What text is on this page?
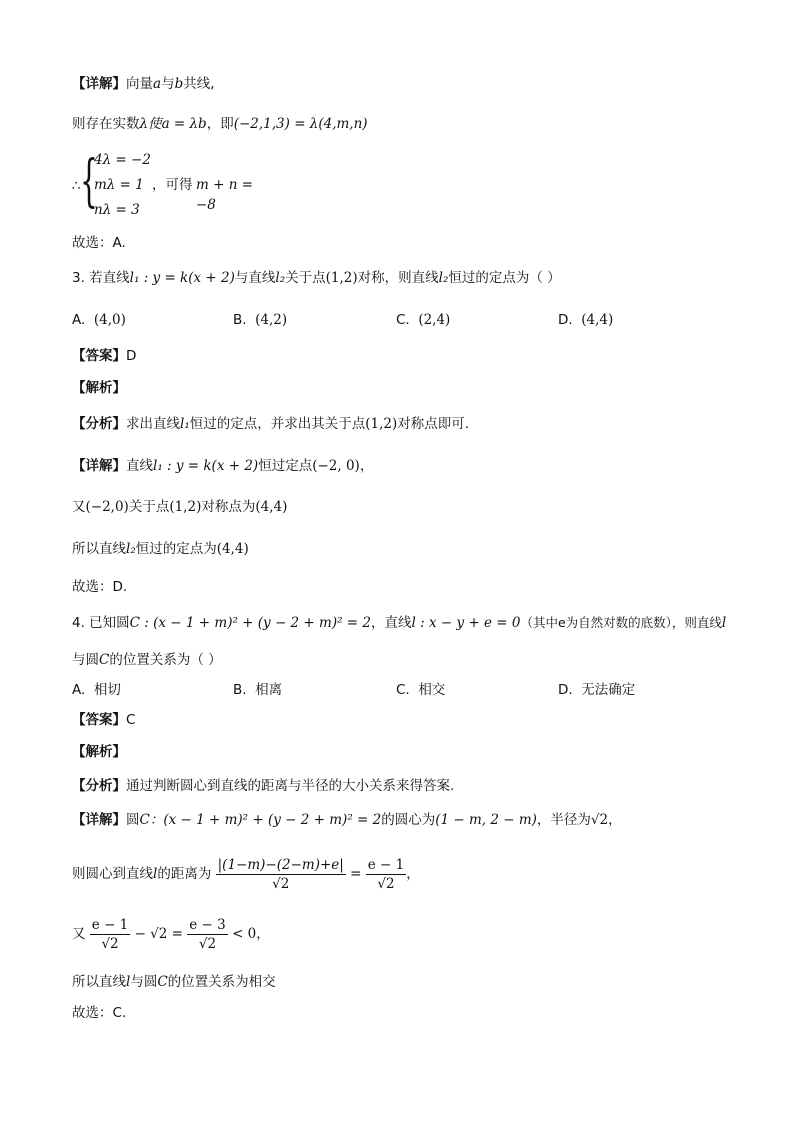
【详解】向量a与b共线,
则存在实数λ使a = λb，即(−2,1,3) = λ(4,m,n)
∴ {
4λ = −2
mλ = 1
nλ = 3
，可得 m + n = −8
故选：A.
3. 若直线l₁ : y = k(x + 2)与直线l₂关于点(1,2)对称，则直线l₂恒过的定点为（ ）
A. (4,0)	B. (4,2)	C. (2,4)	D. (4,4)
【答案】D
【解析】
【分析】求出直线l₁恒过的定点，并求出其关于点(1,2)对称点即可.
【详解】直线l₁ : y = k(x + 2)恒过定点(−2, 0)，
又(−2,0)关于点(1,2)对称点为(4,4)
所以直线l₂恒过的定点为(4,4)
故选：D.
4. 已知圆C : (x − 1 + m)² + (y − 2 + m)² = 2，直线l : x − y + e = 0（其中e为自然对数的底数），则直线l
与圆C的位置关系为（ ）
A. 相切	B. 相离	C. 相交	D. 无法确定
【答案】C
【解析】
【分析】通过判断圆心到直线的距离与半径的大小关系来得答案.
【详解】圆C：(x − 1 + m)² + (y − 2 + m)² = 2的圆心为(1 − m, 2 − m)，半径为√2，
则圆心到直线l的距离为 $\frac{|(1-m)-(2-m)+e|}{√2} = \frac{e - 1}{√2}$ ，
又 $\frac{e - 1}{√2} - √2 = \frac{e - 3}{√2} < 0$，
所以直线l与圆C的位置关系为相交
故选：C.
